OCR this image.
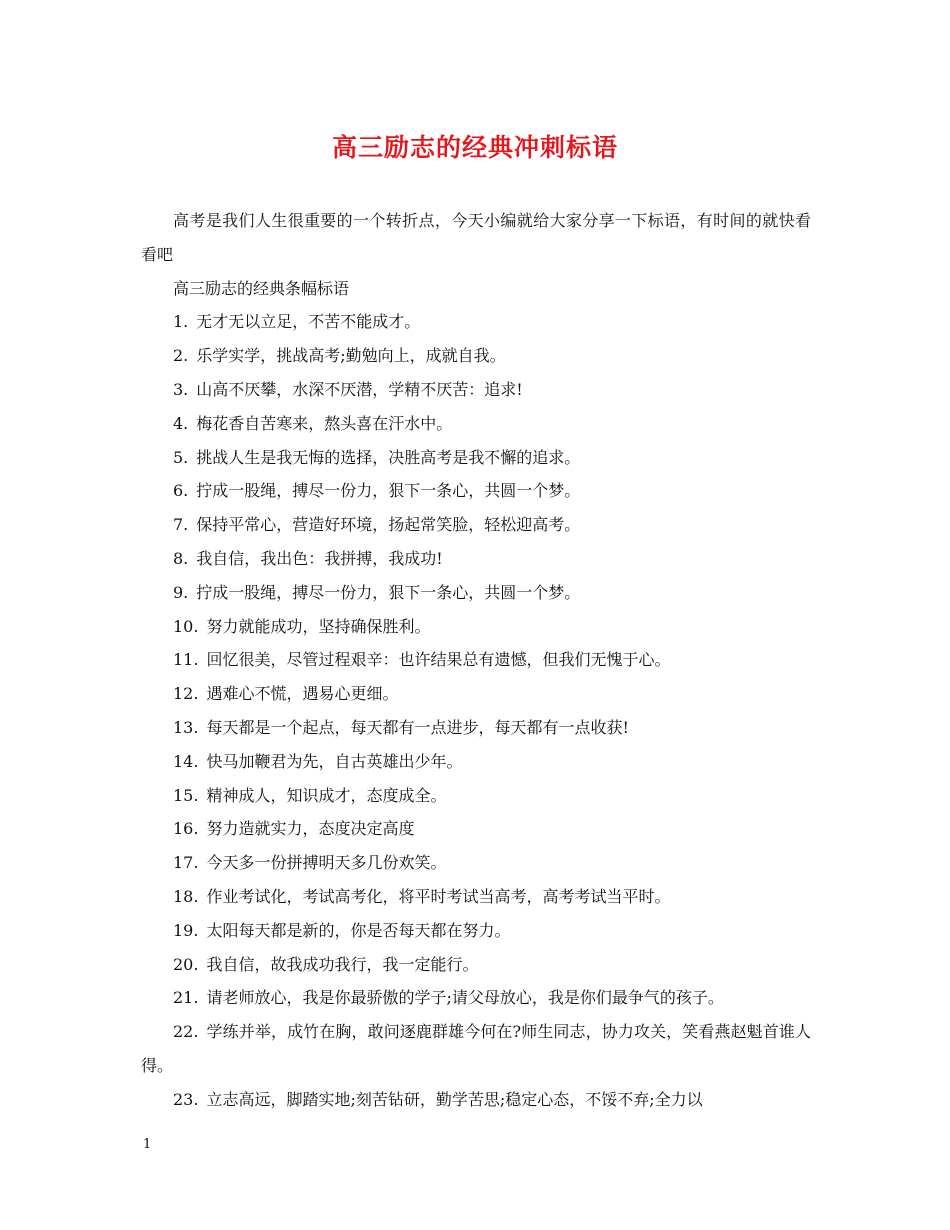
高三励志的经典冲刺标语

高考是我们人生很重要的一个转折点，今天小编就给大家分享一下标语，有时间的就快看看吧

高三励志的经典条幅标语

1. 无才无以立足，不苦不能成才。

2. 乐学实学，挑战高考;勤勉向上，成就自我。

3. 山高不厌攀，水深不厌潜，学精不厌苦：追求!

4. 梅花香自苦寒来，熬头喜在汗水中。

5. 挑战人生是我无悔的选择，决胜高考是我不懈的追求。

6. 拧成一股绳，搏尽一份力，狠下一条心，共圆一个梦。

7. 保持平常心，营造好环境，扬起常笑脸，轻松迎高考。

8. 我自信，我出色：我拼搏，我成功!

9. 拧成一股绳，搏尽一份力，狠下一条心，共圆一个梦。

10. 努力就能成功，坚持确保胜利。

11. 回忆很美，尽管过程艰辛：也许结果总有遗憾，但我们无愧于心。

12. 遇难心不慌，遇易心更细。

13. 每天都是一个起点，每天都有一点进步，每天都有一点收获!

14. 快马加鞭君为先，自古英雄出少年。

15. 精神成人，知识成才，态度成全。

16. 努力造就实力，态度决定高度

17. 今天多一份拼搏明天多几份欢笑。

18. 作业考试化，考试高考化，将平时考试当高考，高考考试当平时。

19. 太阳每天都是新的，你是否每天都在努力。

20. 我自信，故我成功我行，我一定能行。

21. 请老师放心，我是你最骄傲的学子;请父母放心，我是你们最争气的孩子。

22. 学练并举，成竹在胸，敢问逐鹿群雄今何在?师生同志，协力攻关，笑看燕赵魁首谁人得。

23. 立志高远，脚踏实地;刻苦钻研，勤学苦思;稳定心态，不馁不弃;全力以

1
